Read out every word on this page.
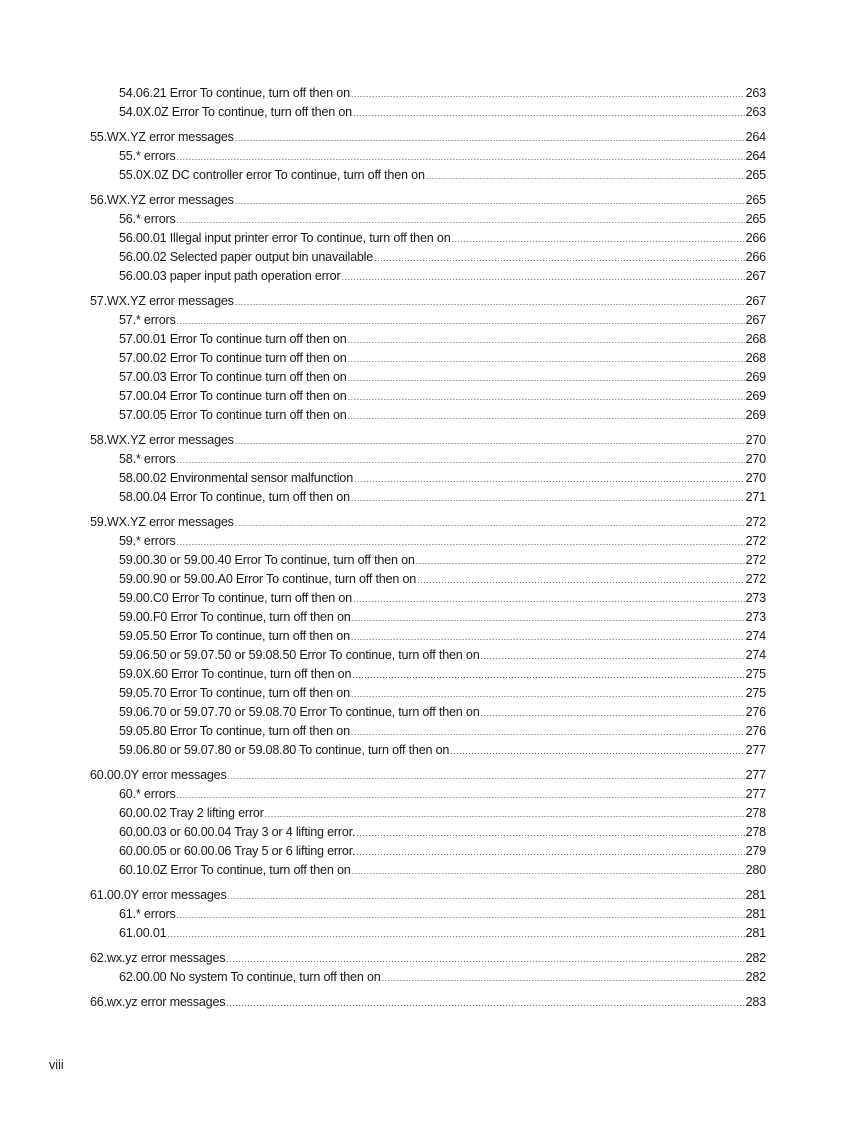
54.06.21 Error To continue, turn off then on .....	263
54.0X.0Z Error To continue, turn off then on .....	263
55.WX.YZ error messages .....	264
55.* errors .....	264
55.0X.0Z DC controller error To continue, turn off then on .....	265
56.WX.YZ error messages .....	265
56.* errors .....	265
56.00.01 Illegal input printer error To continue, turn off then on .....	266
56.00.02 Selected paper output bin unavailable .....	266
56.00.03 paper input path operation error .....	267
57.WX.YZ error messages .....	267
57.* errors .....	267
57.00.01 Error To continue turn off then on .....	268
57.00.02 Error To continue turn off then on .....	268
57.00.03 Error To continue turn off then on .....	269
57.00.04 Error To continue turn off then on .....	269
57.00.05 Error To continue turn off then on .....	269
58.WX.YZ error messages .....	270
58.* errors .....	270
58.00.02 Environmental sensor malfunction .....	270
58.00.04 Error To continue, turn off then on .....	271
59.WX.YZ error messages .....	272
59.* errors .....	272
59.00.30 or 59.00.40 Error To continue, turn off then on .....	272
59.00.90 or 59.00.A0 Error To continue, turn off then on .....	272
59.00.C0 Error To continue, turn off then on .....	273
59.00.F0 Error To continue, turn off then on .....	273
59.05.50 Error To continue, turn off then on .....	274
59.06.50 or 59.07.50 or 59.08.50 Error To continue, turn off then on .....	274
59.0X.60 Error To continue, turn off then on .....	275
59.05.70 Error To continue, turn off then on .....	275
59.06.70 or 59.07.70 or 59.08.70 Error To continue, turn off then on .....	276
59.05.80 Error To continue, turn off then on .....	276
59.06.80 or 59.07.80 or 59.08.80 To continue, turn off then on .....	277
60.00.0Y error messages .....	277
60.* errors .....	277
60.00.02 Tray 2 lifting error .....	278
60.00.03 or 60.00.04 Tray 3 or 4 lifting error. .....	278
60.00.05 or 60.00.06 Tray 5 or 6 lifting error. .....	279
60.10.0Z Error To continue, turn off then on .....	280
61.00.0Y error messages .....	281
61.* errors .....	281
61.00.01 .....	281
62.wx.yz error messages .....	282
62.00.00 No system To continue, turn off then on .....	282
66.wx.yz error messages .....	283
viii
